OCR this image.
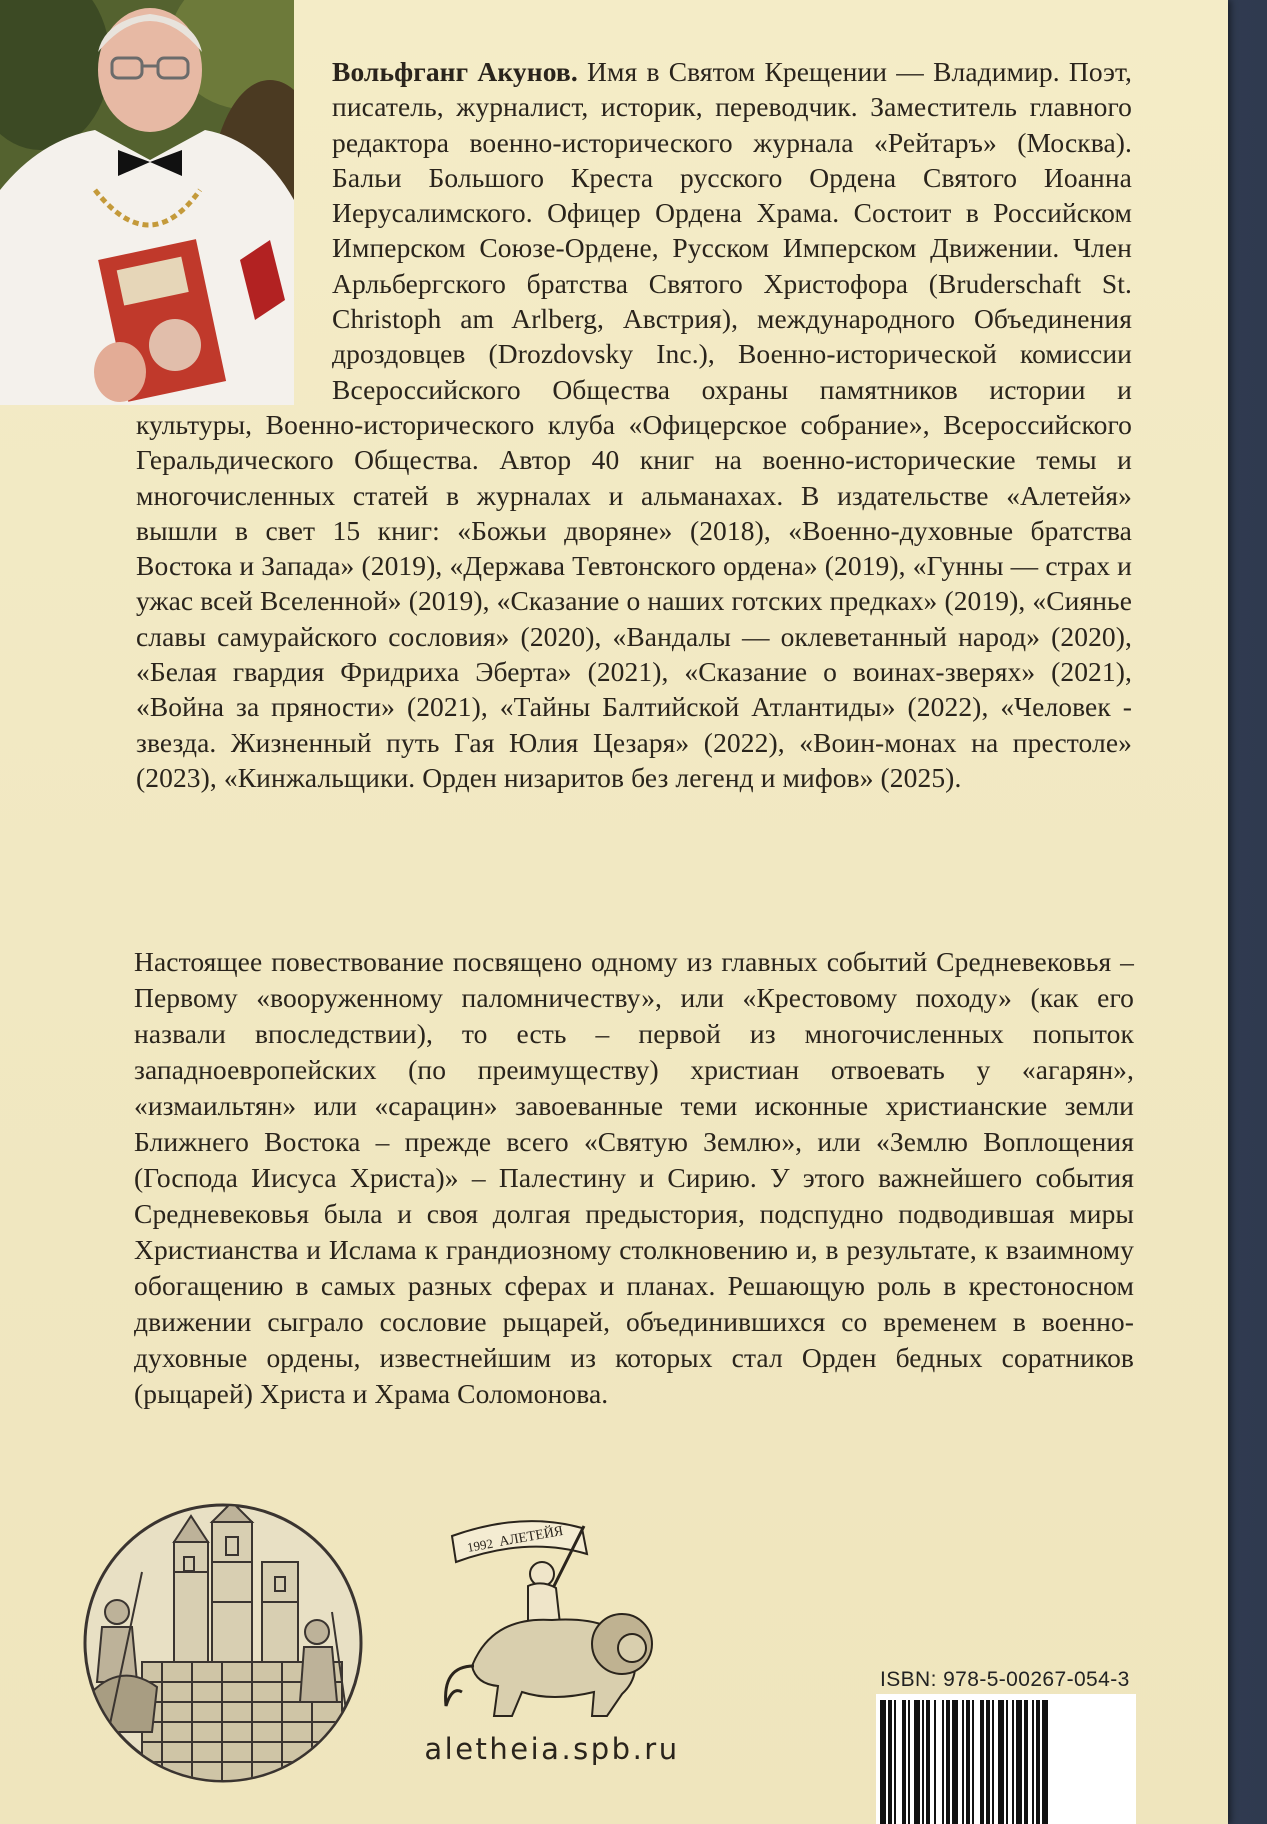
Вольфганг Акунов. Имя в Святом Крещении — Владимир. Поэт, писатель, журналист, историк, переводчик. Заместитель главного редактора военно-исторического журнала «Рейтаръ» (Москва). Бальи Большого Креста русского Ордена Святого Иоанна Иерусалимского. Офицер Ордена Храма. Состоит в Российском Имперском Союзе-Ордене, Русском Имперском Движении. Член Арльбергского братства Святого Христофора (Bruderschaft St. Christoph am Arlberg, Австрия), международного Объединения дроздовцев (Drozdovsky Inc.), Военно-исторической комиссии Всероссийского Общества охраны памятников истории и культуры, Военно-исторического клуба «Офицерское собрание», Всероссийского Геральдического Общества. Автор 40 книг на военно-исторические темы и многочисленных статей в журналах и альманахах. В издательстве «Алетейя» вышли в свет 15 книг: «Божьи дворяне» (2018), «Военно-духовные братства Востока и Запада» (2019), «Держава Тевтонского ордена» (2019), «Гунны — страх и ужас всей Вселенной» (2019), «Сказание о наших готских предках» (2019), «Сиянье славы самурайского сословия» (2020), «Вандалы — оклеветанный народ» (2020), «Белая гвардия Фридриха Эберта» (2021), «Сказание о воинах-зверях» (2021), «Война за пряности» (2021), «Тайны Балтийской Атлантиды» (2022), «Человек - звезда. Жизненный путь Гая Юлия Цезаря» (2022), «Воин-монах на престоле» (2023), «Кинжальщики. Орден низаритов без легенд и мифов» (2025).
Настоящее повествование посвящено одному из главных событий Средневековья – Первому «вооруженному паломничеству», или «Крестовому походу» (как его назвали впоследствии), то есть – первой из многочисленных попыток западноевропейских (по преимуществу) христиан отвоевать у «агарян», «измаильтян» или «сарацин» завоеванные теми исконные христианские земли Ближнего Востока – прежде всего «Святую Землю», или «Землю Воплощения (Господа Иисуса Христа)» – Палестину и Сирию. У этого важнейшего события Средневековья была и своя долгая предыстория, подспудно подводившая миры Христианства и Ислама к грандиозному столкновению и, в результате, к взаимному обогащению в самых разных сферах и планах. Решающую роль в крестоносном движении сыграло сословие рыцарей, объединившихся со временем в военно-духовные ордены, известнейшим из которых стал Орден бедных соратников (рыцарей) Христа и Храма Соломонова.
1992 АЛЕТЕЙЯ
aletheia.spb.ru
ISBN: 978-5-00267-054-3
